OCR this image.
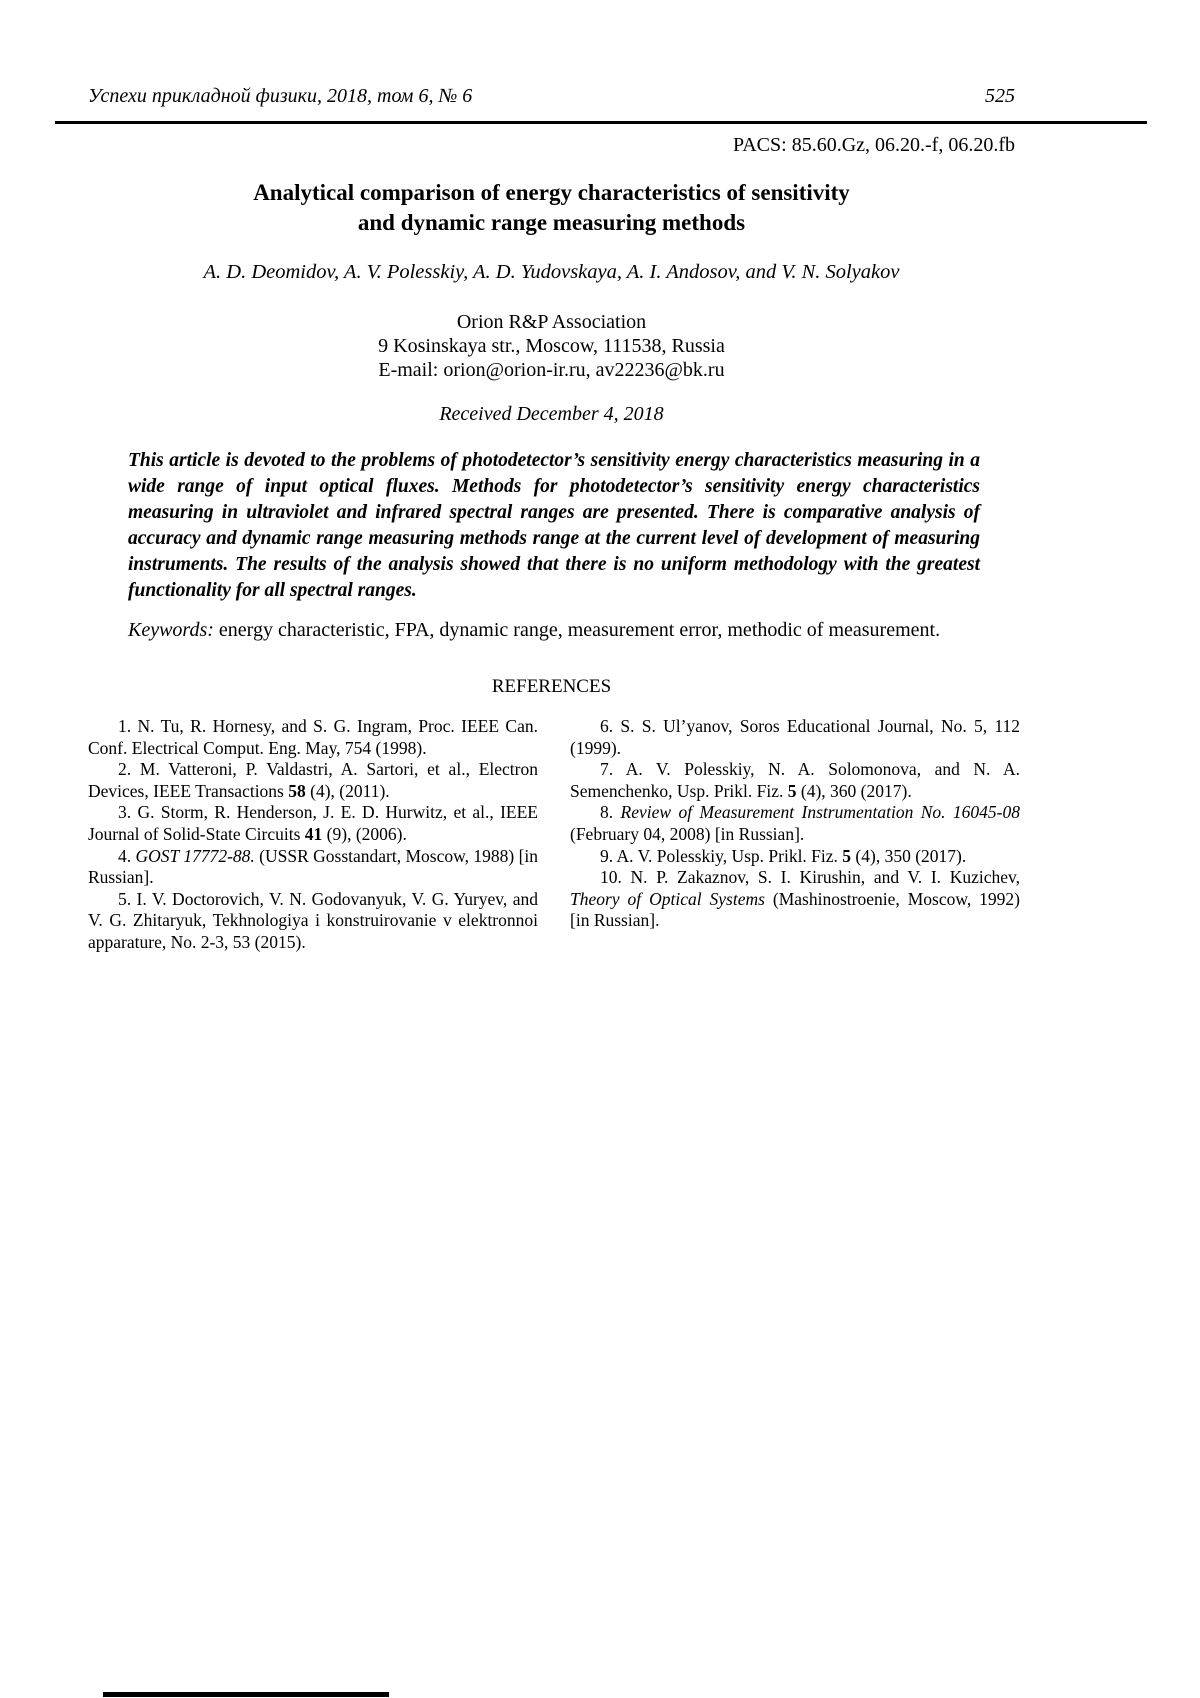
Успехи прикладной физики, 2018, том 6, № 6	525
PACS: 85.60.Gz, 06.20.-f, 06.20.fb
Analytical comparison of energy characteristics of sensitivity
and dynamic range measuring methods
A. D. Deomidov, A. V. Polesskiy, A. D. Yudovskaya, A. I. Andosov, and V. N. Solyakov
Orion R&P Association
9 Kosinskaya str., Moscow, 111538, Russia
E-mail: orion@orion-ir.ru, av22236@bk.ru
Received December 4, 2018
This article is devoted to the problems of photodetector’s sensitivity energy characteristics measuring in a wide range of input optical fluxes. Methods for photodetector’s sensitivity energy characteristics measuring in ultraviolet and infrared spectral ranges are presented. There is comparative analysis of accuracy and dynamic range measuring methods range at the current level of development of measuring instruments. The results of the analysis showed that there is no uniform methodology with the greatest functionality for all spectral ranges.
Keywords: energy characteristic, FPA, dynamic range, measurement error, methodic of measurement.
REFERENCES

1. N. Tu, R. Hornesy, and S. G. Ingram, Proc. IEEE Can. Conf. Electrical Comput. Eng. May, 754 (1998).

2. M. Vatteroni, P. Valdastri, A. Sartori, et al., Electron Devices, IEEE Transactions 58 (4), (2011).

3. G. Storm, R. Henderson, J. E. D. Hurwitz, et al., IEEE Journal of Solid-State Circuits 41 (9), (2006).

4. GOST 17772-88. (USSR Gosstandart, Moscow, 1988) [in Russian].

5. I. V. Doctorovich, V. N. Godovanyuk, V. G. Yuryev, and V. G. Zhitaryuk, Tekhnologiya i konstruirovanie v elektronnoi apparature, No. 2-3, 53 (2015).

6. S. S. Ul’yanov, Soros Educational Journal, No. 5, 112 (1999).

7. A. V. Polesskiy, N. A. Solomonova, and N. A. Semenchenko, Usp. Prikl. Fiz. 5 (4), 360 (2017).

8. Review of Measurement Instrumentation No. 16045-08 (February 04, 2008) [in Russian].

9. A. V. Polesskiy, Usp. Prikl. Fiz. 5 (4), 350 (2017).

10. N. P. Zakaznov, S. I. Kirushin, and V. I. Kuzichev, Theory of Optical Systems (Mashinostroenie, Moscow, 1992) [in Russian].
